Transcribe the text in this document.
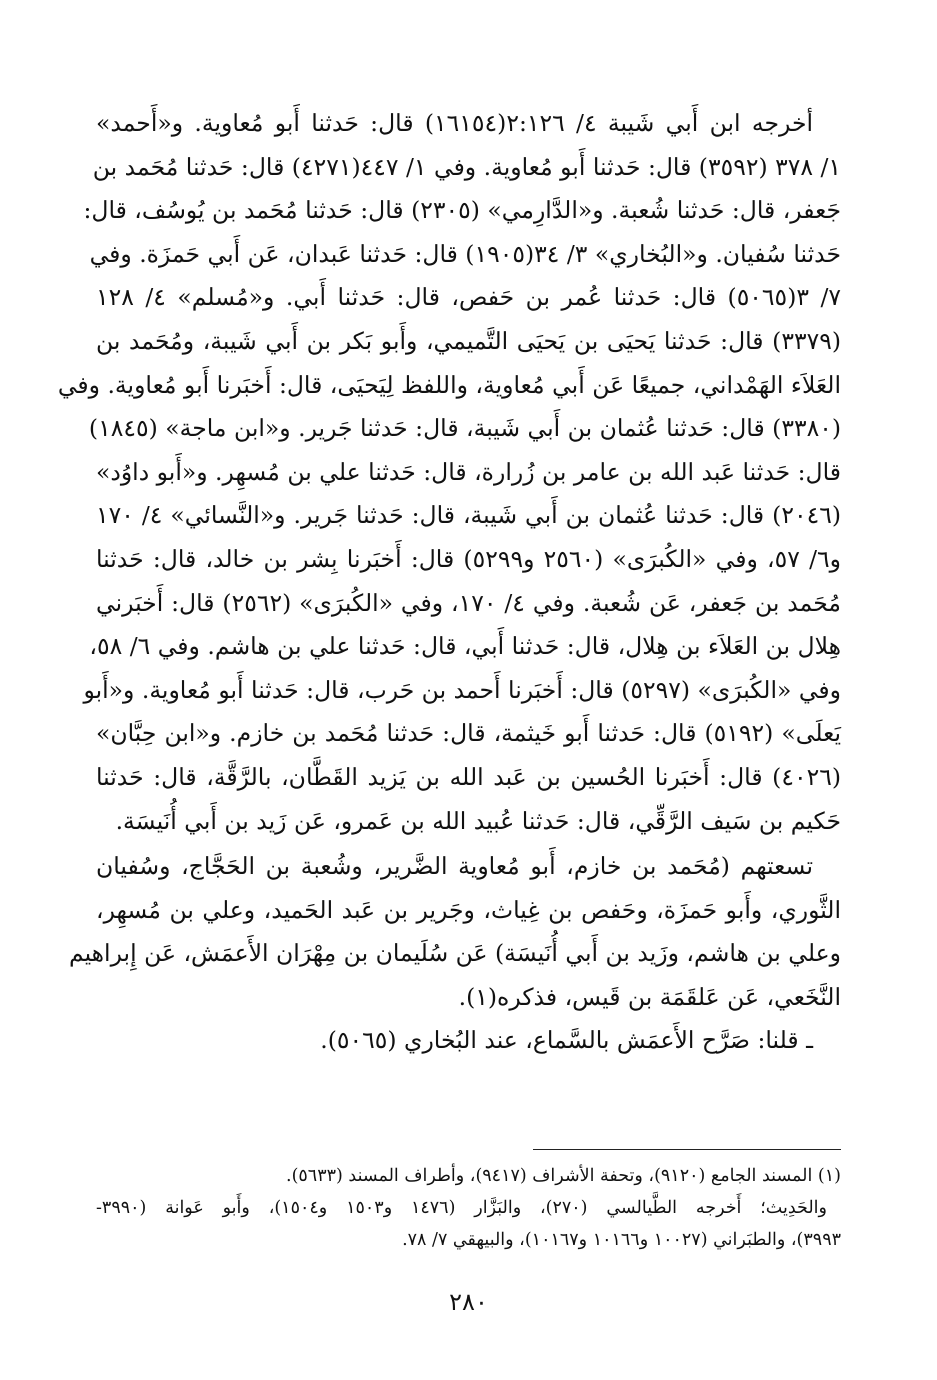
أخرجه ابن أَبي شَيبة ٤/ ٢:١٢٦(١٦١٥٤) قال: حَدثنا أَبو مُعاوية. و«أَحمد»
١/ ٣٧٨ (٣٥٩٢) قال: حَدثنا أَبو مُعاوية. وفي ١/ ٤٤٧(٤٢٧١) قال: حَدثنا مُحَمد بن
جَعفر، قال: حَدثنا شُعبة. و«الدَّارِمي» (٢٣٠٥) قال: حَدثنا مُحَمد بن يُوسُف، قال:
حَدثنا سُفيان. و«البُخاري» ٣/ ٣٤(١٩٠٥) قال: حَدثنا عَبدان، عَن أَبي حَمزَة. وفي
٧/ ٣(٥٠٦٥) قال: حَدثنا عُمر بن حَفص، قال: حَدثنا أَبي. و«مُسلم» ٤/ ١٢٨
(٣٣٧٩) قال: حَدثنا يَحيَى بن يَحيَى التَّميمي، وأَبو بَكر بن أَبي شَيبة، ومُحَمد بن
العَلاَء الهَمْداني، جميعًا عَن أَبي مُعاوية، واللفظ لِيَحيَى، قال: أَخبَرنا أَبو مُعاوية. وفي
(٣٣٨٠) قال: حَدثنا عُثمان بن أَبي شَيبة، قال: حَدثنا جَرير. و«ابن ماجة» (١٨٤٥)
قال: حَدثنا عَبد الله بن عامر بن زُرارة، قال: حَدثنا علي بن مُسهِر. و«أَبو داوُد»
(٢٠٤٦) قال: حَدثنا عُثمان بن أَبي شَيبة، قال: حَدثنا جَرير. و«النَّسائي» ٤/ ١٧٠
و٦/ ٥٧، وفي «الكُبرَى» (٢٥٦٠ و٥٢٩٩) قال: أَخبَرنا بِشر بن خالد، قال: حَدثنا
مُحَمد بن جَعفر، عَن شُعبة. وفي ٤/ ١٧٠، وفي «الكُبرَى» (٢٥٦٢) قال: أَخبَرني
هِلال بن العَلاَء بن هِلال، قال: حَدثنا أَبي، قال: حَدثنا علي بن هاشم. وفي ٦/ ٥٨،
وفي «الكُبرَى» (٥٢٩٧) قال: أَخبَرنا أَحمد بن حَرب، قال: حَدثنا أَبو مُعاوية. و«أَبو
يَعلَى» (٥١٩٢) قال: حَدثنا أَبو خَيثمة، قال: حَدثنا مُحَمد بن خازم. و«ابن حِبَّان»
(٤٠٢٦) قال: أَخبَرنا الحُسين بن عَبد الله بن يَزيد القَطَّان، بالرَّقَّة، قال: حَدثنا
حَكيم بن سَيف الرَّقِّي، قال: حَدثنا عُبيد الله بن عَمرو، عَن زَيد بن أَبي أُنَيسَة.
تسعتهم (مُحَمد بن خازم، أَبو مُعاوية الضَّرير، وشُعبة بن الحَجَّاج، وسُفيان
الثَّوري، وأَبو حَمزَة، وحَفص بن غِياث، وجَرير بن عَبد الحَميد، وعلي بن مُسهِر،
وعلي بن هاشم، وزَيد بن أَبي أُنَيسَة) عَن سُلَيمان بن مِهْرَان الأَعمَش، عَن إِبراهيم
النَّخَعي، عَن عَلقَمَة بن قَيس، فذكره(١).
ـ قلنا: صَرَّح الأَعمَش بالسَّماع، عند البُخاري (٥٠٦٥).
(١) المسند الجامع (٩١٢٠)، وتحفة الأشراف (٩٤١٧)، وأطراف المسند (٥٦٣٣).
والحَدِيث؛ أَخرجه الطَّيالسي (٢٧٠)، والبَزَّار (١٤٧٦ و١٥٠٣ و١٥٠٤)، وأَبو عَوانة (٣٩٩٠-
٣٩٩٣)، والطبَراني (١٠٠٢٧ و١٠١٦٦ و١٠١٦٧)، والبيهقي ٧/ ٧٨.
٢٨٠
